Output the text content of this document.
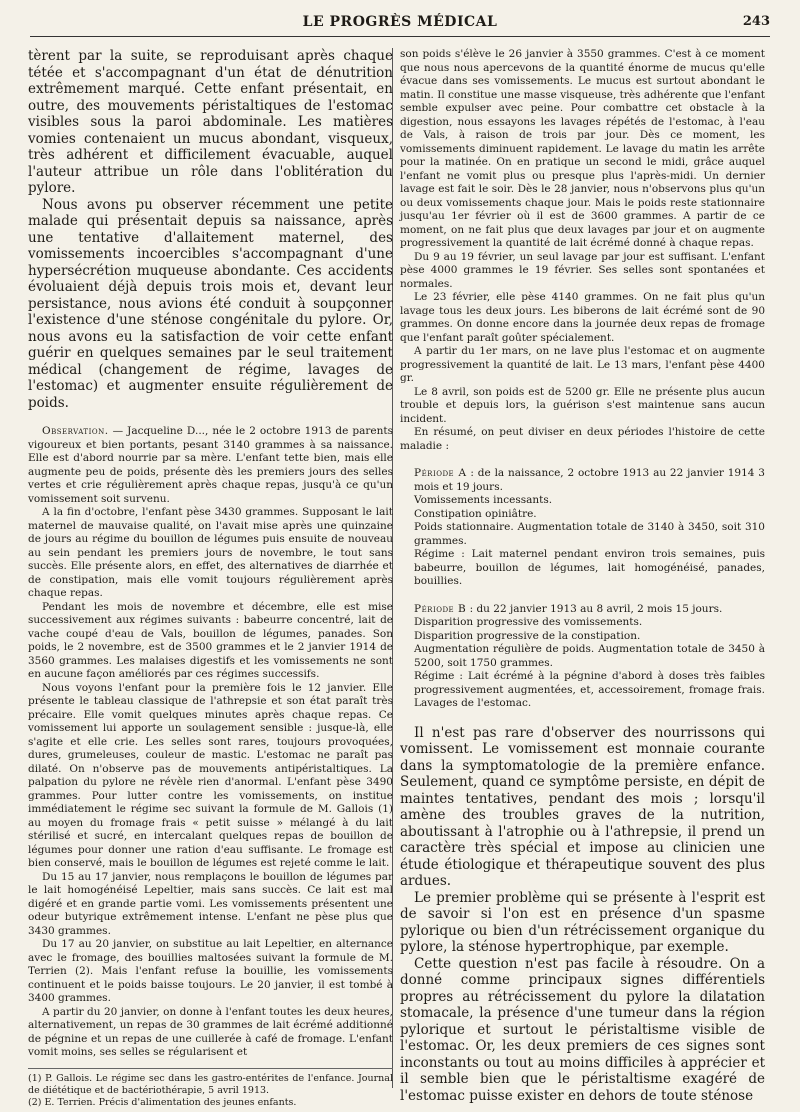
LE PROGRÈS MÉDICAL	243

tèrent par la suite, se reproduisant après chaque tétée et s'accompagnant d'un état de dénutrition extrêmement marqué. Cette enfant présentait, en outre, des mouvements péristaltiques de l'estomac visibles sous la paroi abdominale. Les matières vomies contenaient un mucus abondant, visqueux, très adhérent et difficilement évacuable, auquel l'auteur attribue un rôle dans l'oblitération du pylore.

Nous avons pu observer récemment une petite malade qui présentait depuis sa naissance, après une tentative d'allaitement maternel, des vomissements incoercibles s'accompagnant d'une hypersécrétion muqueuse abondante. Ces accidents évoluaient déjà depuis trois mois et, devant leur persistance, nous avions été conduit à soupçonner l'existence d'une sténose congénitale du pylore. Or, nous avons eu la satisfaction de voir cette enfant guérir en quelques semaines par le seul traitement médical (changement de régime, lavages de l'estomac) et augmenter ensuite régulièrement de poids.

Observation. — Jacqueline D..., née le 2 octobre 1913 de parents vigoureux et bien portants, pesant 3140 grammes à sa naissance. Elle est d'abord nourrie par sa mère. L'enfant tette bien, mais elle augmente peu de poids, présente dès les premiers jours des selles vertes et crie régulièrement après chaque repas, jusqu'à ce qu'un vomissement soit survenu.

A la fin d'octobre, l'enfant pèse 3430 grammes. Supposant le lait maternel de mauvaise qualité, on l'avait mise après une quinzaine de jours au régime du bouillon de légumes puis ensuite de nouveau au sein pendant les premiers jours de novembre, le tout sans succès. Elle présente alors, en effet, des alternatives de diarrhée et de constipation, mais elle vomit toujours régulièrement après chaque repas.

Pendant les mois de novembre et décembre, elle est mise successivement aux régimes suivants : babeurre concentré, lait de vache coupé d'eau de Vals, bouillon de légumes, panades. Son poids, le 2 novembre, est de 3500 grammes et le 2 janvier 1914 de 3560 grammes. Les malaises digestifs et les vomissements ne sont en aucune façon améliorés par ces régimes successifs.

Nous voyons l'enfant pour la première fois le 12 janvier. Elle présente le tableau classique de l'athrepsie et son état paraît très précaire. Elle vomit quelques minutes après chaque repas. Ce vomissement lui apporte un soulagement sensible : jusque-là, elle s'agite et elle crie. Les selles sont rares, toujours provoquées, dures, grumeleuses, couleur de mastic. L'estomac ne paraît pas dilaté. On n'observe pas de mouvements antipéristaltiques. La palpation du pylore ne révèle rien d'anormal. L'enfant pèse 3490 grammes. Pour lutter contre les vomissements, on institue immédiatement le régime sec suivant la formule de M. Gallois (1) au moyen du fromage frais « petit suisse » mélangé à du lait stérilisé et sucré, en intercalant quelques repas de bouillon de légumes pour donner une ration d'eau suffisante. Le fromage est bien conservé, mais le bouillon de légumes est rejeté comme le lait.

Du 15 au 17 janvier, nous remplaçons le bouillon de légumes par le lait homogénéisé Lepeltier, mais sans succès. Ce lait est mal digéré et en grande partie vomi. Les vomissements présentent une odeur butyrique extrêmement intense. L'enfant ne pèse plus que 3430 grammes.

Du 17 au 20 janvier, on substitue au lait Lepeltier, en alternance avec le fromage, des bouillies maltosées suivant la formule de M. Terrien (2). Mais l'enfant refuse la bouillie, les vomissements continuent et le poids baisse toujours. Le 20 janvier, il est tombé à 3400 grammes.

A partir du 20 janvier, on donne à l'enfant toutes les deux heures, alternativement, un repas de 30 grammes de lait écrémé additionné de pégnine et un repas de une cuillerée à café de fromage. L'enfant vomit moins, ses selles se régularisent et

(1) P. Gallois. Le régime sec dans les gastro-entérites de l'enfance. Journal de diététique et de bactériothérapie, 5 avril 1913.

(2) E. Terrien. Précis d'alimentation des jeunes enfants.

son poids s'élève le 26 janvier à 3550 grammes. C'est à ce moment que nous nous apercevons de la quantité énorme de mucus qu'elle évacue dans ses vomissements. Le mucus est surtout abondant le matin. Il constitue une masse visqueuse, très adhérente que l'enfant semble expulser avec peine. Pour combattre cet obstacle à la digestion, nous essayons les lavages répétés de l'estomac, à l'eau de Vals, à raison de trois par jour. Dès ce moment, les vomissements diminuent rapidement. Le lavage du matin les arrête pour la matinée. On en pratique un second le midi, grâce auquel l'enfant ne vomit plus ou presque plus l'après-midi. Un dernier lavage est fait le soir. Dès le 28 janvier, nous n'observons plus qu'un ou deux vomissements chaque jour. Mais le poids reste stationnaire jusqu'au 1er février où il est de 3600 grammes. A partir de ce moment, on ne fait plus que deux lavages par jour et on augmente progressivement la quantité de lait écrémé donné à chaque repas.

Du 9 au 19 février, un seul lavage par jour est suffisant. L'enfant pèse 4000 grammes le 19 février. Ses selles sont spontanées et normales.

Le 23 février, elle pèse 4140 grammes. On ne fait plus qu'un lavage tous les deux jours. Les biberons de lait écrémé sont de 90 grammes. On donne encore dans la journée deux repas de fromage que l'enfant paraît goûter spécialement.

A partir du 1er mars, on ne lave plus l'estomac et on augmente progressivement la quantité de lait. Le 13 mars, l'enfant pèse 4400 gr.

Le 8 avril, son poids est de 5200 gr. Elle ne présente plus aucun trouble et depuis lors, la guérison s'est maintenue sans aucun incident.

En résumé, on peut diviser en deux périodes l'histoire de cette maladie :

Période A : de la naissance, 2 octobre 1913 au 22 janvier 1914 3 mois et 19 jours.

Vomissements incessants.

Constipation opiniâtre.

Poids stationnaire. Augmentation totale de 3140 à 3450, soit 310 grammes.

Régime : Lait maternel pendant environ trois semaines, puis babeurre, bouillon de légumes, lait homogénéisé, panades, bouillies.

Période B : du 22 janvier 1913 au 8 avril, 2 mois 15 jours.

Disparition progressive des vomissements.

Disparition progressive de la constipation.

Augmentation régulière de poids. Augmentation totale de 3450 à 5200, soit 1750 grammes.

Régime : Lait écrémé à la pégnine d'abord à doses très faibles progressivement augmentées, et, accessoirement, fromage frais. Lavages de l'estomac.

Il n'est pas rare d'observer des nourrissons qui vomissent. Le vomissement est monnaie courante dans la symptomatologie de la première enfance. Seulement, quand ce symptôme persiste, en dépit de maintes tentatives, pendant des mois ; lorsqu'il amène des troubles graves de la nutrition, aboutissant à l'atrophie ou à l'athrepsie, il prend un caractère très spécial et impose au clinicien une étude étiologique et thérapeutique souvent des plus ardues.

Le premier problème qui se présente à l'esprit est de savoir si l'on est en présence d'un spasme pylorique ou bien d'un rétrécissement organique du pylore, la sténose hypertrophique, par exemple.

Cette question n'est pas facile à résoudre. On a donné comme principaux signes différentiels propres au rétrécissement du pylore la dilatation stomacale, la présence d'une tumeur dans la région pylorique et surtout le péristaltisme visible de l'estomac. Or, les deux premiers de ces signes sont inconstants ou tout au moins difficiles à apprécier et il semble bien que le péristaltisme exagéré de l'estomac puisse exister en dehors de toute sténose
